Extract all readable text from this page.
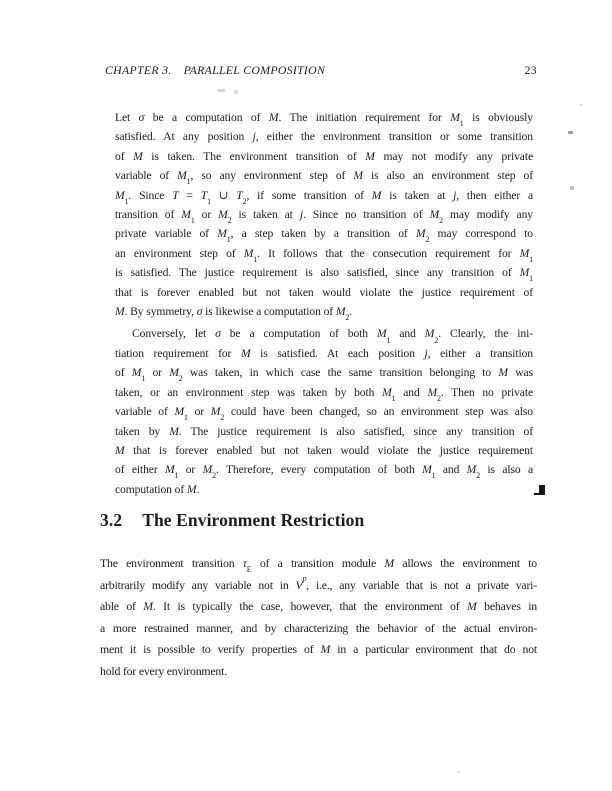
CHAPTER 3. PARALLEL COMPOSITION	23
Let σ be a computation of M. The initiation requirement for $M_1$ is obviously
satisfied. At any position j, either the environment transition or some transition
of M is taken. The environment transition of M may not modify any private
variable of $M_1$, so any environment step of M is also an environment step of
$M_1$. Since $T = T_1$ ∪ $T_2$, if some transition of M is taken at j, then either a
transition of $M_1$ or $M_2$ is taken at j. Since no transition of $M_2$ may modify any
private variable of $M_1$, a step taken by a transition of $M_2$ may correspond to
an environment step of $M_1$. It follows that the consecution requirement for $M_1$
is satisfied. The justice requirement is also satisfied, since any transition of $M_1$
that is forever enabled but not taken would violate the justice requirement of
M. By symmetry, σ is likewise a computation of $M_2$.
Conversely, let σ be a computation of both $M_1$ and $M_2$. Clearly, the ini-
tiation requirement for M is satisfied. At each position j, either a transition
of $M_1$ or $M_2$ was taken, in which case the same transition belonging to M was
taken, or an environment step was taken by both $M_1$ and $M_2$. Then no private
variable of $M_1$ or $M_2$ could have been changed, so an environment step was also
taken by M. The justice requirement is also satisfied, since any transition of
M that is forever enabled but not taken would violate the justice requirement
of either $M_1$ or $M_2$. Therefore, every computation of both $M_1$ and $M_2$ is also a
computation of M.
3.2 The Environment Restriction
The environment transition $\tau_E$ of a transition module M allows the environment to
arbitrarily modify any variable not in $V^p$, i.e., any variable that is not a private vari-
able of M. It is typically the case, however, that the environment of M behaves in
a more restrained manner, and by characterizing the behavior of the actual environ-
ment it is possible to verify properties of M in a particular environment that do not
hold for every environment.
